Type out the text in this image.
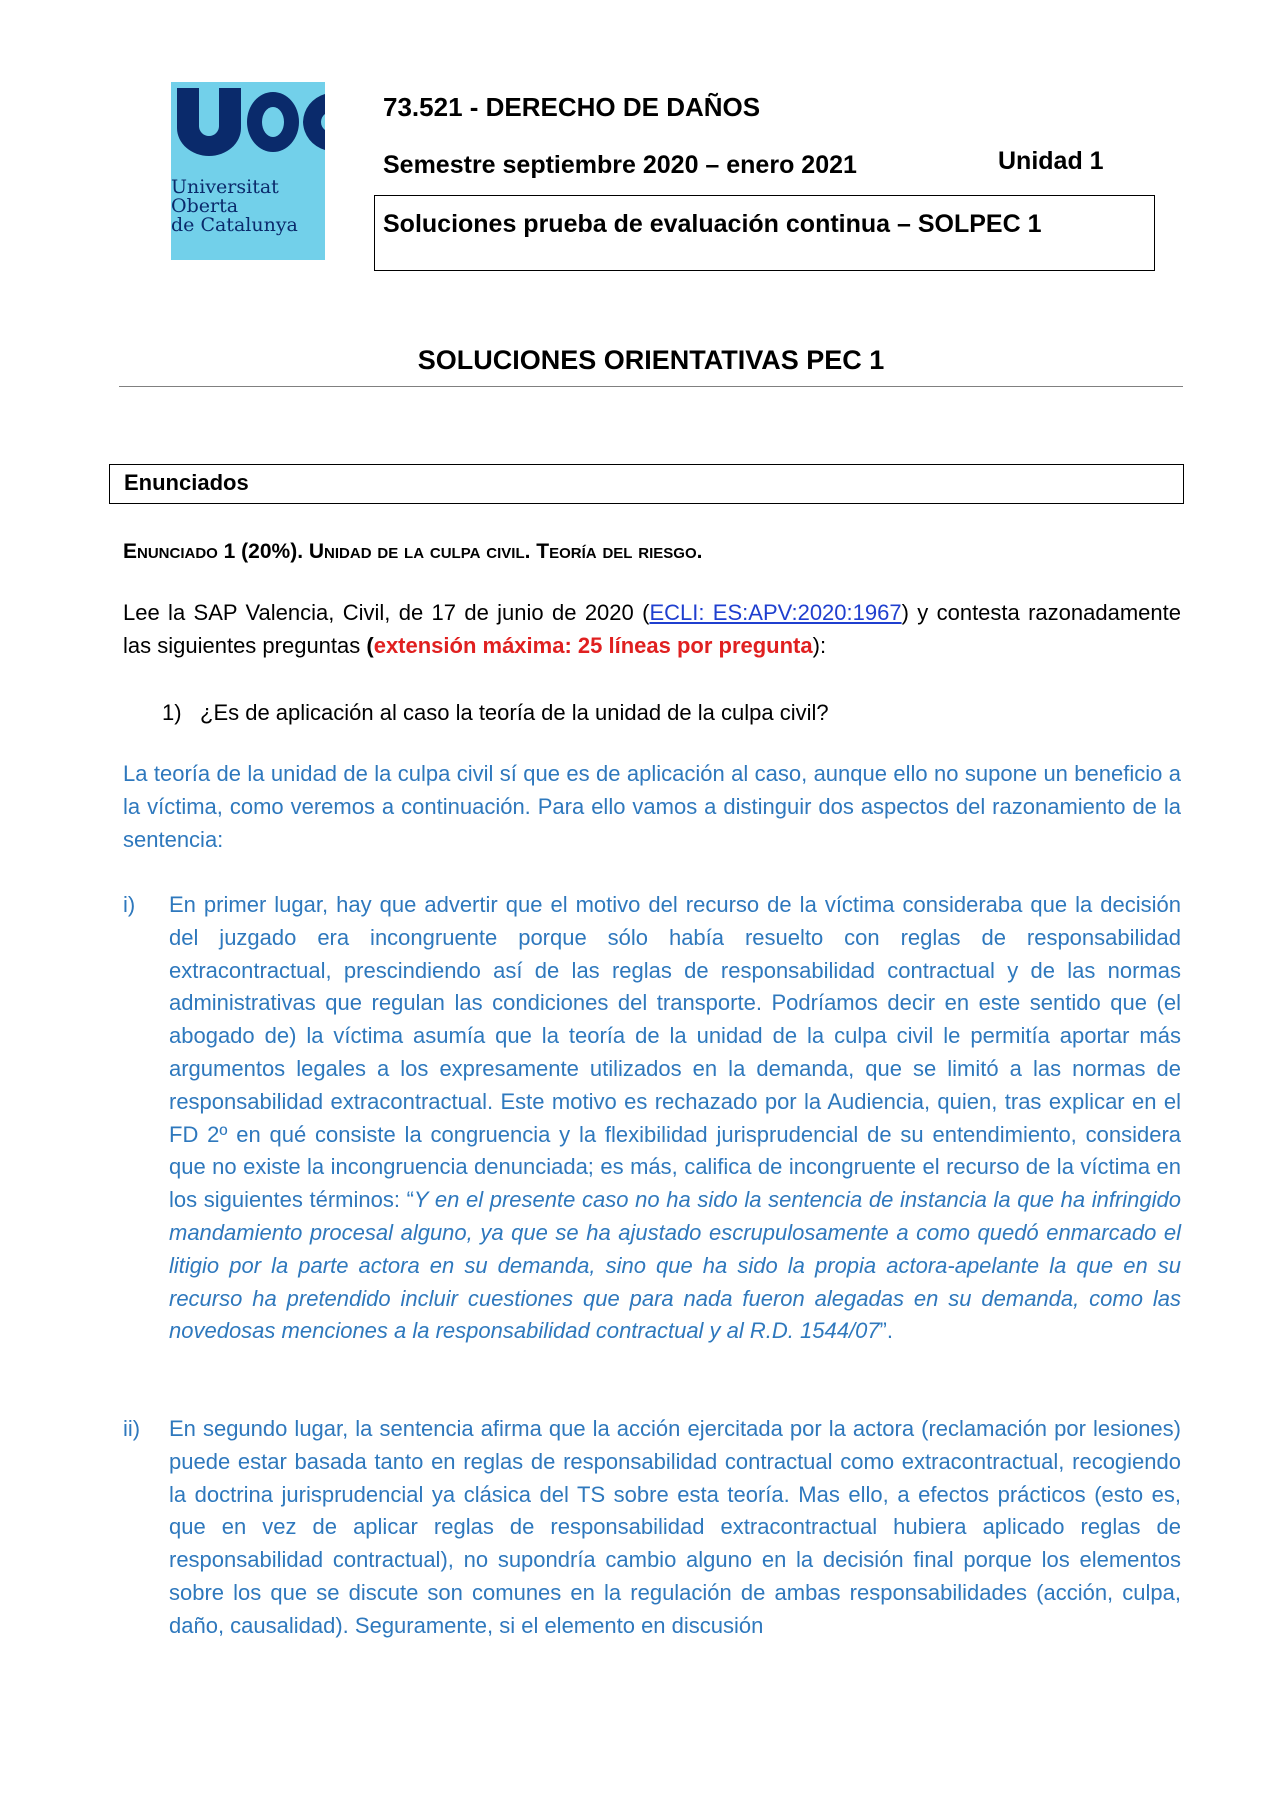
Universitat
Oberta
de Catalunya
73.521 - DERECHO DE DAÑOS
Semestre septiembre 2020 – enero 2021	Unidad 1
Soluciones prueba de evaluación continua – SOLPEC 1
SOLUCIONES ORIENTATIVAS PEC 1
Enunciados
Enunciado 1 (20%). Unidad de la culpa civil. Teoría del riesgo.
Lee la SAP Valencia, Civil, de 17 de junio de 2020 (ECLI: ES:APV:2020:1967) y contesta razonadamente las siguientes preguntas (extensión máxima: 25 líneas por pregunta):
1) ¿Es de aplicación al caso la teoría de la unidad de la culpa civil?
La teoría de la unidad de la culpa civil sí que es de aplicación al caso, aunque ello no supone un beneficio a la víctima, como veremos a continuación. Para ello vamos a distinguir dos aspectos del razonamiento de la sentencia:
i) En primer lugar, hay que advertir que el motivo del recurso de la víctima consideraba que la decisión del juzgado era incongruente porque sólo había resuelto con reglas de responsabilidad extracontractual, prescindiendo así de las reglas de responsabilidad contractual y de las normas administrativas que regulan las condiciones del transporte. Podríamos decir en este sentido que (el abogado de) la víctima asumía que la teoría de la unidad de la culpa civil le permitía aportar más argumentos legales a los expresamente utilizados en la demanda, que se limitó a las normas de responsabilidad extracontractual. Este motivo es rechazado por la Audiencia, quien, tras explicar en el FD 2º en qué consiste la congruencia y la flexibilidad jurisprudencial de su entendimiento, considera que no existe la incongruencia denunciada; es más, califica de incongruente el recurso de la víctima en los siguientes términos: “Y en el presente caso no ha sido la sentencia de instancia la que ha infringido mandamiento procesal alguno, ya que se ha ajustado escrupulosamente a como quedó enmarcado el litigio por la parte actora en su demanda, sino que ha sido la propia actora-apelante la que en su recurso ha pretendido incluir cuestiones que para nada fueron alegadas en su demanda, como las novedosas menciones a la responsabilidad contractual y al R.D. 1544/07”.
ii) En segundo lugar, la sentencia afirma que la acción ejercitada por la actora (reclamación por lesiones) puede estar basada tanto en reglas de responsabilidad contractual como extracontractual, recogiendo la doctrina jurisprudencial ya clásica del TS sobre esta teoría. Mas ello, a efectos prácticos (esto es, que en vez de aplicar reglas de responsabilidad extracontractual hubiera aplicado reglas de responsabilidad contractual), no supondría cambio alguno en la decisión final porque los elementos sobre los que se discute son comunes en la regulación de ambas responsabilidades (acción, culpa, daño, causalidad). Seguramente, si el elemento en discusión
